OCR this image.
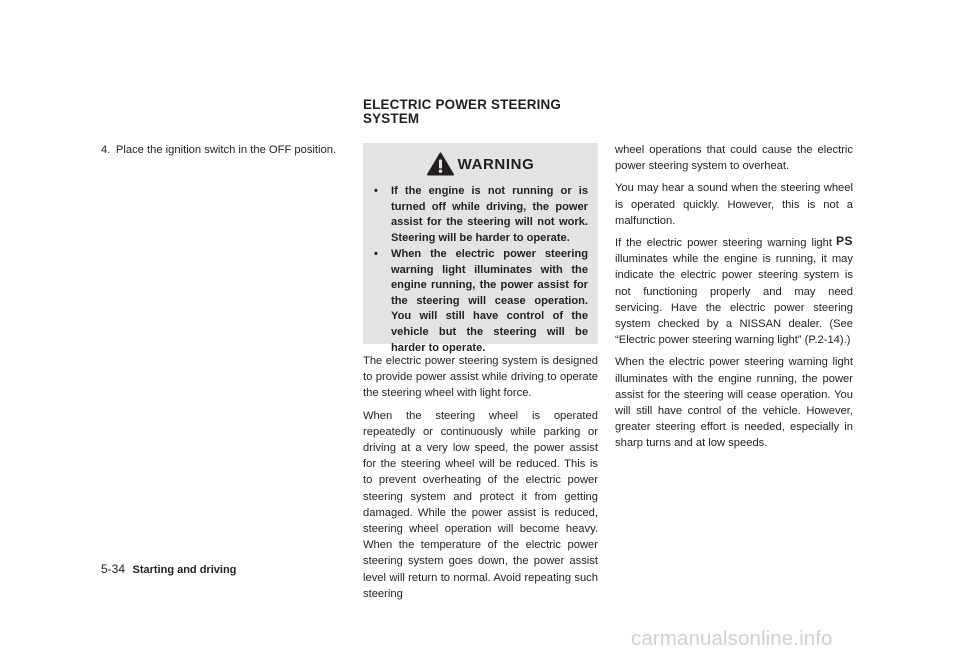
ELECTRIC POWER STEERING
SYSTEM

4. Place the ignition switch in the OFF position.

WARNING
• If the engine is not running or is turned off while driving, the power assist for the steering will not work. Steering will be harder to operate.
• When the electric power steering warning light illuminates with the engine running, the power assist for the steering will cease operation. You will still have control of the vehicle but the steering will be harder to operate.

The electric power steering system is designed to provide power assist while driving to operate the steering wheel with light force.

When the steering wheel is operated repeatedly or continuously while parking or driving at a very low speed, the power assist for the steering wheel will be reduced. This is to prevent overheating of the electric power steering system and protect it from getting damaged. While the power assist is reduced, steering wheel operation will become heavy. When the temperature of the electric power steering system goes down, the power assist level will return to normal. Avoid repeating such steering

wheel operations that could cause the electric power steering system to overheat.

You may hear a sound when the steering wheel is operated quickly. However, this is not a malfunction.

If the electric power steering warning light PS illuminates while the engine is running, it may indicate the electric power steering system is not functioning properly and may need servicing. Have the electric power steering system checked by a NISSAN dealer. (See “Electric power steering warning light” (P.2-14).)

When the electric power steering warning light illuminates with the engine running, the power assist for the steering will cease operation. You will still have control of the vehicle. However, greater steering effort is needed, especially in sharp turns and at low speeds.

5-34 Starting and driving
carmanualsonline.info
